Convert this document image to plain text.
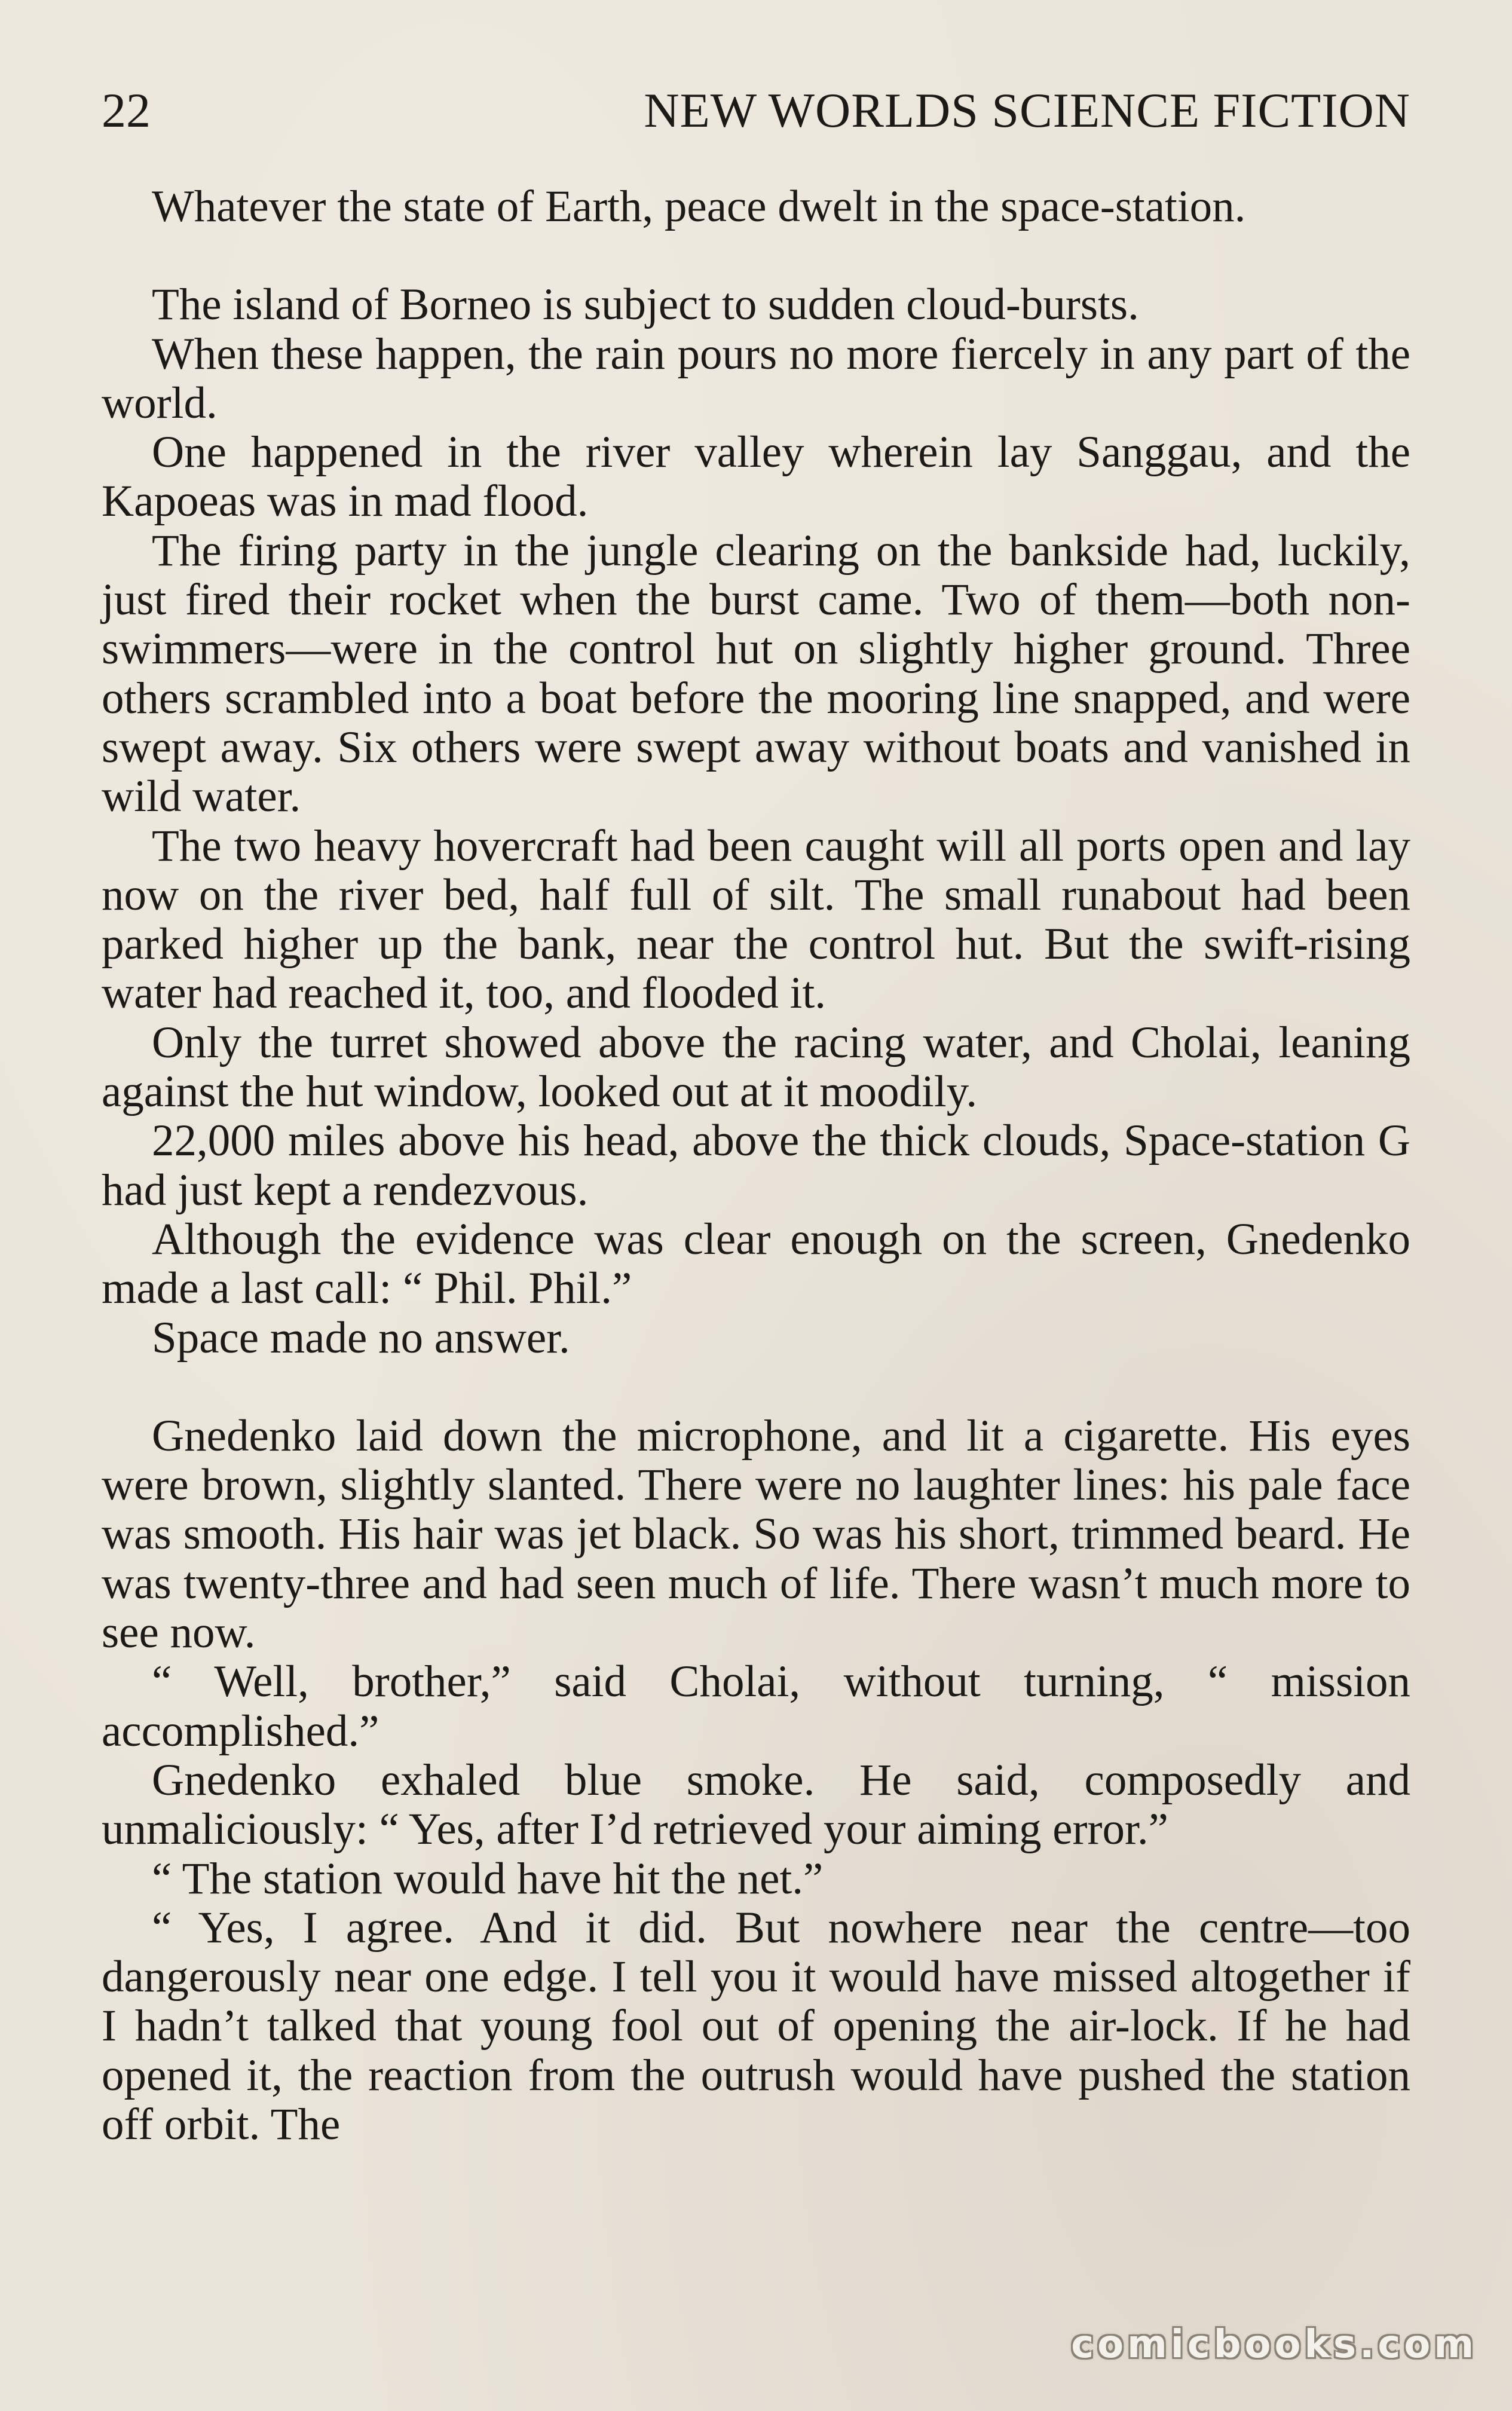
22	NEW WORLDS SCIENCE FICTION

Whatever the state of Earth, peace dwelt in the space-station.

The island of Borneo is subject to sudden cloud-bursts.

When these happen, the rain pours no more fiercely in any part of the world.

One happened in the river valley wherein lay Sanggau, and the Kapoeas was in mad flood.

The firing party in the jungle clearing on the bankside had, luckily, just fired their rocket when the burst came. Two of them—both non-swimmers—were in the control hut on slightly higher ground. Three others scrambled into a boat before the mooring line snapped, and were swept away. Six others were swept away without boats and vanished in wild water.

The two heavy hovercraft had been caught will all ports open and lay now on the river bed, half full of silt. The small runabout had been parked higher up the bank, near the control hut. But the swift-rising water had reached it, too, and flooded it.

Only the turret showed above the racing water, and Cholai, leaning against the hut window, looked out at it moodily.

22,000 miles above his head, above the thick clouds, Space-station G had just kept a rendezvous.

Although the evidence was clear enough on the screen, Gnedenko made a last call: “ Phil. Phil.”

Space made no answer.

Gnedenko laid down the microphone, and lit a cigarette. His eyes were brown, slightly slanted. There were no laughter lines: his pale face was smooth. His hair was jet black. So was his short, trimmed beard. He was twenty-three and had seen much of life. There wasn’t much more to see now.

“ Well, brother,” said Cholai, without turning, “ mission accomplished.”

Gnedenko exhaled blue smoke. He said, composedly and unmaliciously: “ Yes, after I’d retrieved your aiming error.”

“ The station would have hit the net.”

“ Yes, I agree. And it did. But nowhere near the centre—too dangerously near one edge. I tell you it would have missed altogether if I hadn’t talked that young fool out of opening the air-lock. If he had opened it, the reaction from the outrush would have pushed the station off orbit. The

comicbooks.com
